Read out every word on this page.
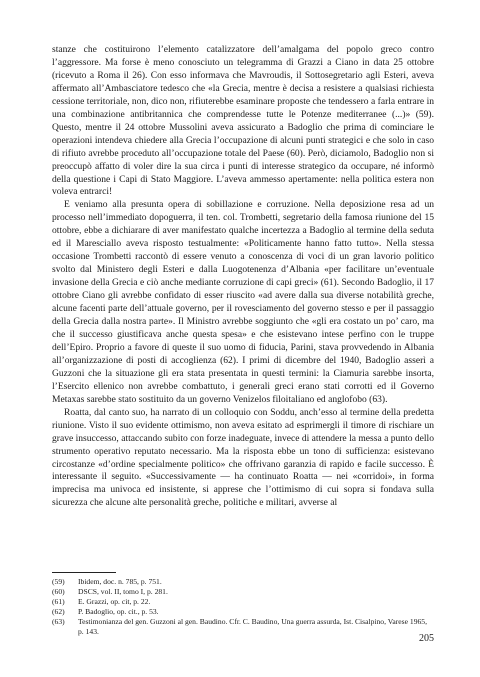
stanze che costituirono l’elemento catalizzatore dell’amalgama del popolo greco contro l’aggressore. Ma forse è meno conosciuto un telegramma di Grazzi a Ciano in data 25 ottobre (ricevuto a Roma il 26). Con esso informava che Mavroudis, il Sottosegretario agli Esteri, aveva affermato all’Ambasciatore tedesco che «la Grecia, mentre è decisa a resistere a qualsiasi richiesta cessione territoriale, non, dico non, rifiuterebbe esaminare proposte che tendessero a farla entrare in una combinazione antibritannica che comprendesse tutte le Potenze mediterranee (...)» (59). Questo, mentre il 24 ottobre Mussolini aveva assicurato a Badoglio che prima di cominciare le operazioni intendeva chiedere alla Grecia l’occupazione di alcuni punti strategici e che solo in caso di rifiuto avrebbe proceduto all’occupazione totale del Paese (60). Però, diciamolo, Badoglio non si preoccupò affatto di voler dire la sua circa i punti di interesse strategico da occupare, né informò della questione i Capi di Stato Maggiore. L’aveva ammesso apertamente: nella politica estera non voleva entrarci!

E veniamo alla presunta opera di sobillazione e corruzione. Nella deposizione resa ad un processo nell’immediato dopoguerra, il ten. col. Trombetti, segretario della famosa riunione del 15 ottobre, ebbe a dichiarare di aver manifestato qualche incertezza a Badoglio al termine della seduta ed il Maresciallo aveva risposto testualmente: «Politicamente hanno fatto tutto». Nella stessa occasione Trombetti raccontò di essere venuto a conoscenza di voci di un gran lavorio politico svolto dal Ministero degli Esteri e dalla Luogotenenza d’Albania «per facilitare un’eventuale invasione della Grecia e ciò anche mediante corruzione di capi greci» (61). Secondo Badoglio, il 17 ottobre Ciano gli avrebbe confidato di esser riuscito «ad avere dalla sua diverse notabilità greche, alcune facenti parte dell’attuale governo, per il rovesciamento del governo stesso e per il passaggio della Grecia dalla nostra parte». Il Ministro avrebbe soggiunto che «gli era costato un po’ caro, ma che il successo giustificava anche questa spesa» e che esistevano intese perfino con le truppe dell’Epiro. Proprio a favore di queste il suo uomo di fiducia, Parini, stava provvedendo in Albania all’organizzazione di posti di accoglienza (62). I primi di dicembre del 1940, Badoglio asserì a Guzzoni che la situazione gli era stata presentata in questi termini: la Ciamuria sarebbe insorta, l’Esercito ellenico non avrebbe combattuto, i generali greci erano stati corrotti ed il Governo Metaxas sarebbe stato sostituito da un governo Venizelos filoitaliano ed anglofobo (63).

Roatta, dal canto suo, ha narrato di un colloquio con Soddu, anch’esso al termine della predetta riunione. Visto il suo evidente ottimismo, non aveva esitato ad esprimergli il timore di rischiare un grave insuccesso, attaccando subito con forze inadeguate, invece di attendere la messa a punto dello strumento operativo reputato necessario. Ma la risposta ebbe un tono di sufficienza: esistevano circostanze «d’ordine specialmente politico» che offrivano garanzia di rapido e facile successo. È interessante il seguito. «Successivamente — ha continuato Roatta — nei «corridoi», in forma imprecisa ma univoca ed insistente, si apprese che l’ottimismo di cui sopra si fondava sulla sicurezza che alcune alte personalità greche, politiche e militari, avverse al

(59)	Ibidem, doc. n. 785, p. 751.
(60)	DSCS, vol. II, tomo I, p. 281.
(61)	E. Grazzi, op. cit, p. 22.
(62)	P. Badoglio, op. cit., p. 53.
(63)	Testimonianza del gen. Guzzoni al gen. Baudino. Cfr. C. Baudino, Una guerra assurda, Ist. Cisalpino, Varese 1965, p. 143.
205
